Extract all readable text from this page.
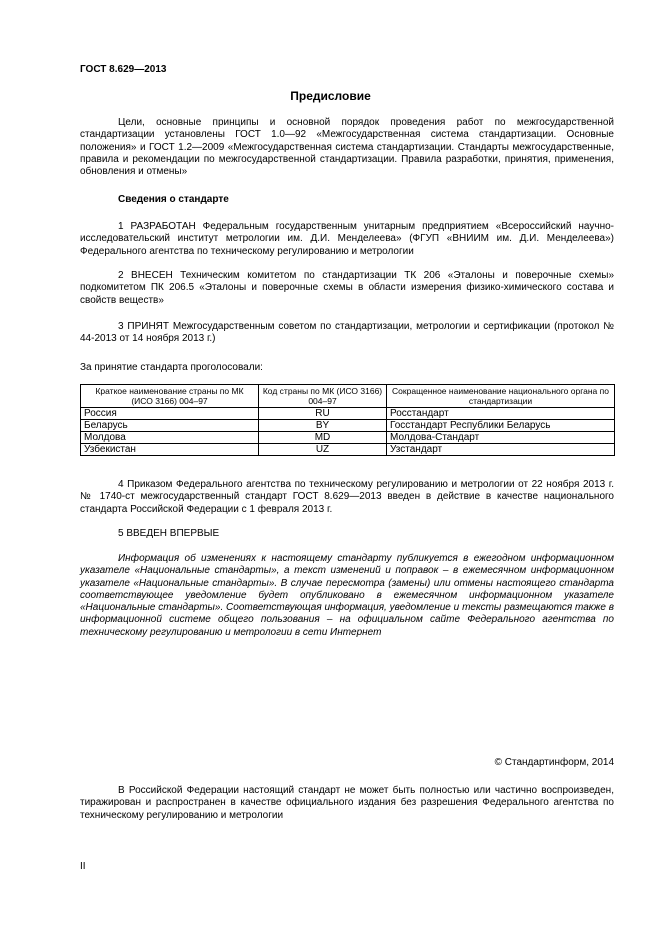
ГОСТ 8.629—2013
Предисловие

Цели, основные принципы и основной порядок проведения работ по межгосударственной стандартизации установлены ГОСТ 1.0—92 «Межгосударственная система стандартизации. Основные положения» и ГОСТ 1.2—2009 «Межгосударственная система стандартизации. Стандарты межгосударственные, правила и рекомендации по межгосударственной стандартизации. Правила разработки, принятия, применения, обновления и отмены»

Сведения о стандарте

1 РАЗРАБОТАН Федеральным государственным унитарным предприятием «Всероссийский научно-исследовательский институт метрологии им. Д.И. Менделеева» (ФГУП «ВНИИМ им. Д.И. Менделеева») Федерального агентства по техническому регулированию и метрологии

2 ВНЕСЕН Техническим комитетом по стандартизации ТК 206 «Эталоны и поверочные схемы» подкомитетом ПК 206.5 «Эталоны и поверочные схемы в области измерения физико-химического состава и свойств веществ»

3 ПРИНЯТ Межгосударственным советом по стандартизации, метрологии и сертификации (протокол № 44-2013 от 14 ноября 2013 г.)

За принятие стандарта проголосовали:

Краткое наименование страны по МК (ИСО 3166) 004–97	Код страны по МК (ИСО 3166) 004–97	Сокращенное наименование национального органа по стандартизации
Россия	RU	Росстандарт
Беларусь	BY	Госстандарт Республики Беларусь
Молдова	MD	Молдова-Стандарт
Узбекистан	UZ	Узстандарт

4 Приказом Федерального агентства по техническому регулированию и метрологии от 22 ноября 2013 г. № 1740-ст межгосударственный стандарт ГОСТ 8.629—2013 введен в действие в качестве национального стандарта Российской Федерации с 1 февраля 2013 г.

5 ВВЕДЕН ВПЕРВЫЕ

Информация об изменениях к настоящему стандарту публикуется в ежегодном информационном указателе «Национальные стандарты», а текст изменений и поправок – в ежемесячном информационном указателе «Национальные стандарты». В случае пересмотра (замены) или отмены настоящего стандарта соответствующее уведомление будет опубликовано в ежемесячном информационном указателе «Национальные стандарты». Соответствующая информация, уведомление и тексты размещаются также в информационной системе общего пользования – на официальном сайте Федерального агентства по техническому регулированию и метрологии в сети Интернет

© Стандартинформ, 2014

В Российской Федерации настоящий стандарт не может быть полностью или частично воспроизведен, тиражирован и распространен в качестве официального издания без разрешения Федерального агентства по техническому регулированию и метрологии

II
